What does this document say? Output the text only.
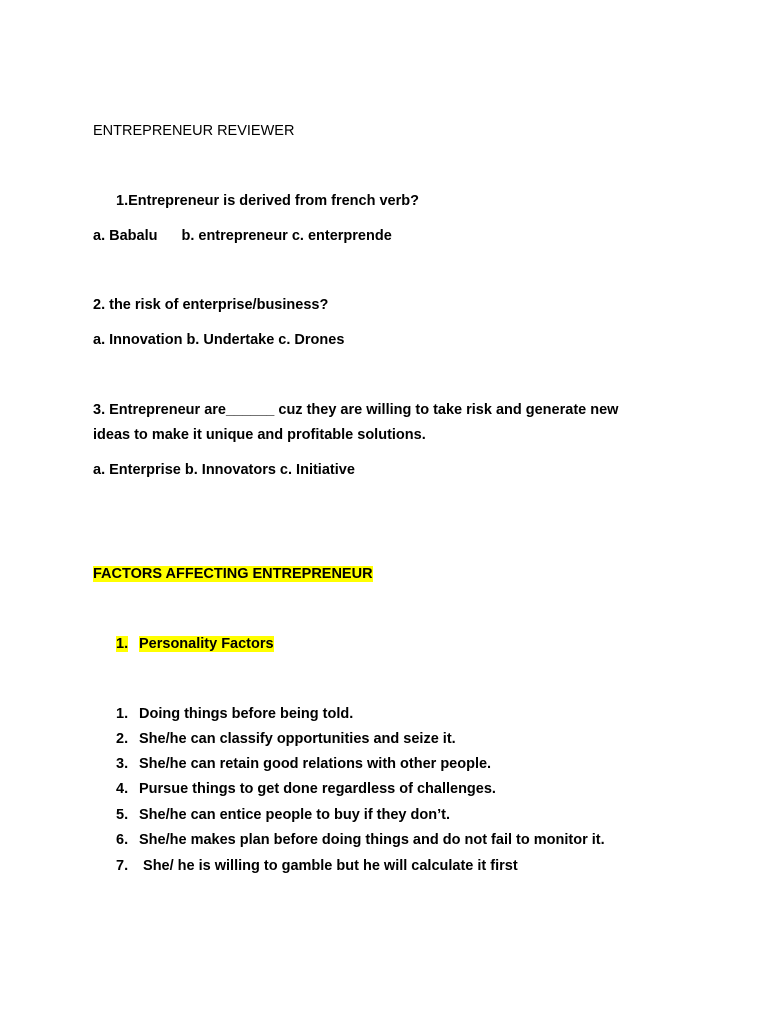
ENTREPRENEUR REVIEWER
1.Entrepreneur is derived from french verb?
a. Babalu b. entrepreneur c. enterprende
2. the risk of enterprise/business?
a. Innovation b. Undertake c. Drones
3. Entrepreneur are______ cuz they are willing to take risk and generate new
ideas to make it unique and profitable solutions.
a. Enterprise b. Innovators c. Initiative
FACTORS AFFECTING ENTREPRENEUR
1. Personality Factors
1. Doing things before being told.
2. She/he can classify opportunities and seize it.
3. She/he can retain good relations with other people.
4. Pursue things to get done regardless of challenges.
5. She/he can entice people to buy if they don’t.
6. She/he makes plan before doing things and do not fail to monitor it.
7. She/ he is willing to gamble but he will calculate it first
